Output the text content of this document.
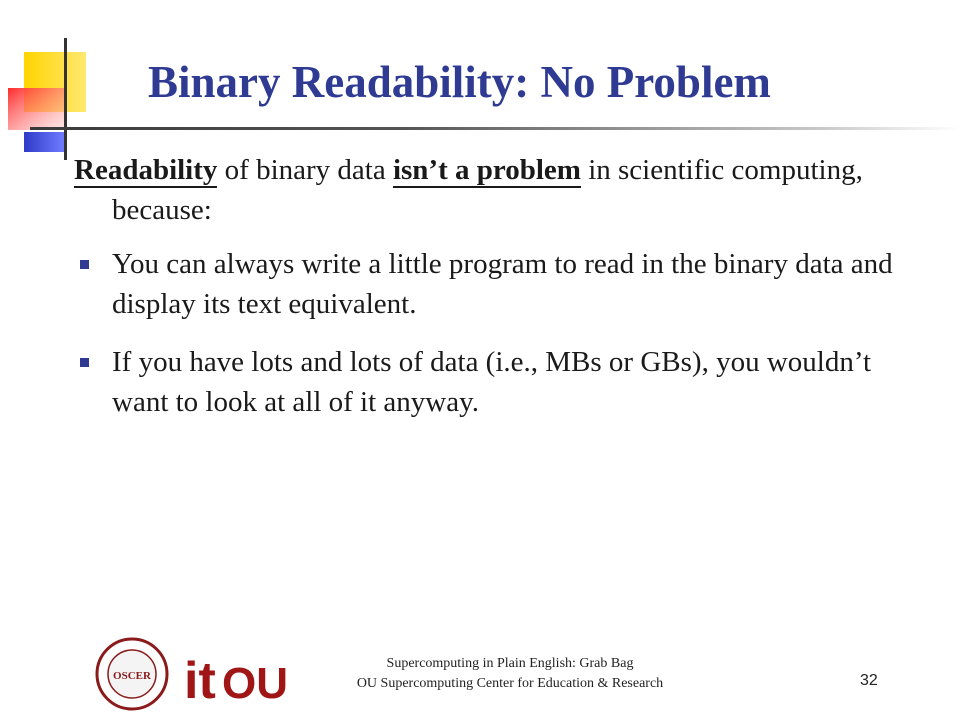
Binary Readability: No Problem

Readability of binary data isn’t a problem in scientific computing, because:

You can always write a little program to read in the binary data and display its text equivalent.
If you have lots and lots of data (i.e., MBs or GBs), you wouldn’t want to look at all of it anyway.
OSCER it OU	Supercomputing in Plain English: Grab Bag
OU Supercomputing Center for Education & Research	32
